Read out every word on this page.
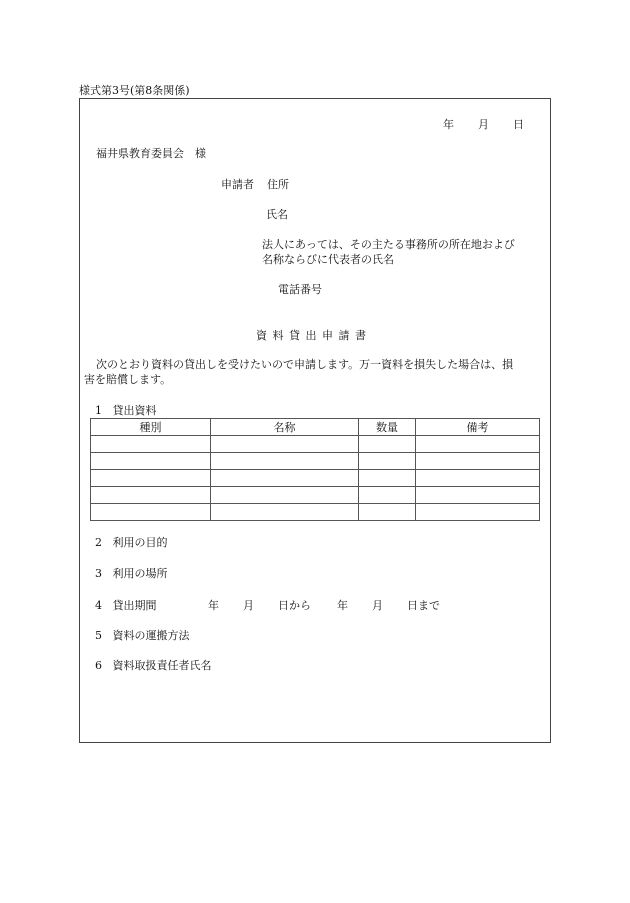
様式第3号(第8条関係)
年 月 日
福井県教育委員会　様
申請者 住所
氏名
法人にあっては、その主たる事務所の所在地および
名称ならびに代表者の氏名
電話番号
資 料 貸 出 申 請 書
次のとおり資料の貸出しを受けたいので申請します。万一資料を損失した場合は、損
害を賠償します。
1 貸出資料
種別	名称	数量	備考

2 利用の目的
3 利用の場所
4 貸出期間	年 月 日から 年 月 日まで
5 資料の運搬方法
6 資料取扱責任者氏名
